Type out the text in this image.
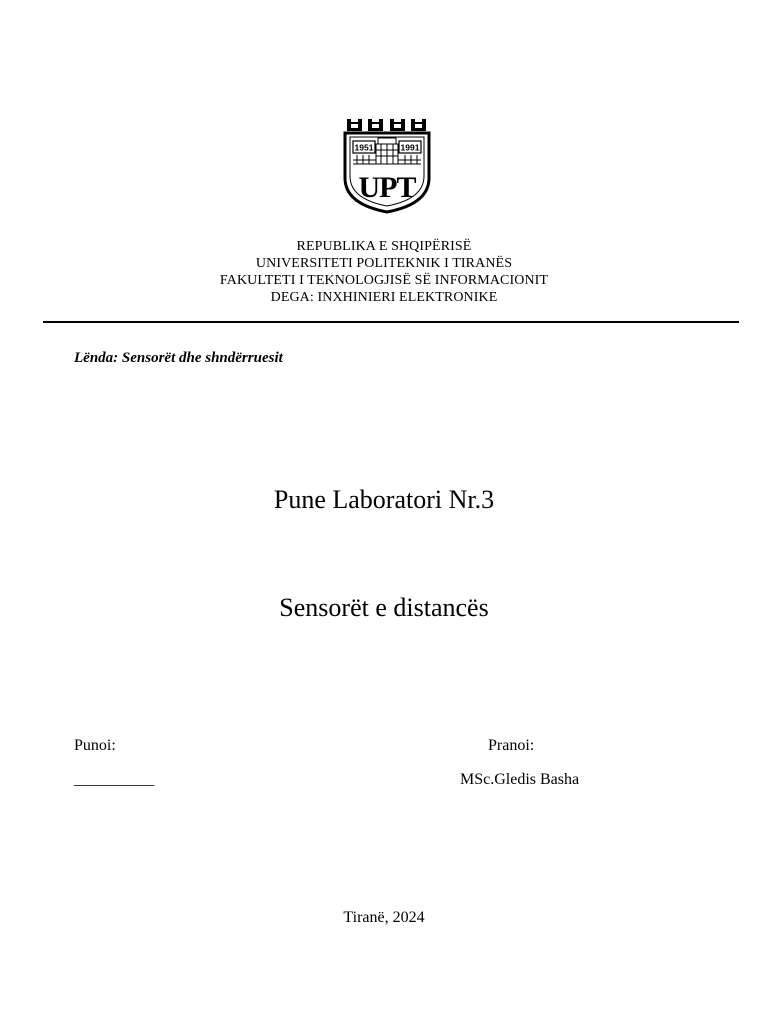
1951	1991
UPT
REPUBLIKA E SHQIPËRISË
UNIVERSITETI POLITEKNIK I TIRANËS
FAKULTETI I TEKNOLOGJISË SË INFORMACIONIT
DEGA: INXHINIERI ELEKTRONIKE
Lënda: Sensorët dhe shndërruesit
Pune Laboratori Nr.3
Sensorët e distancës
Punoi:
__________
Pranoi:
MSc.Gledis Basha
Tiranë, 2024
